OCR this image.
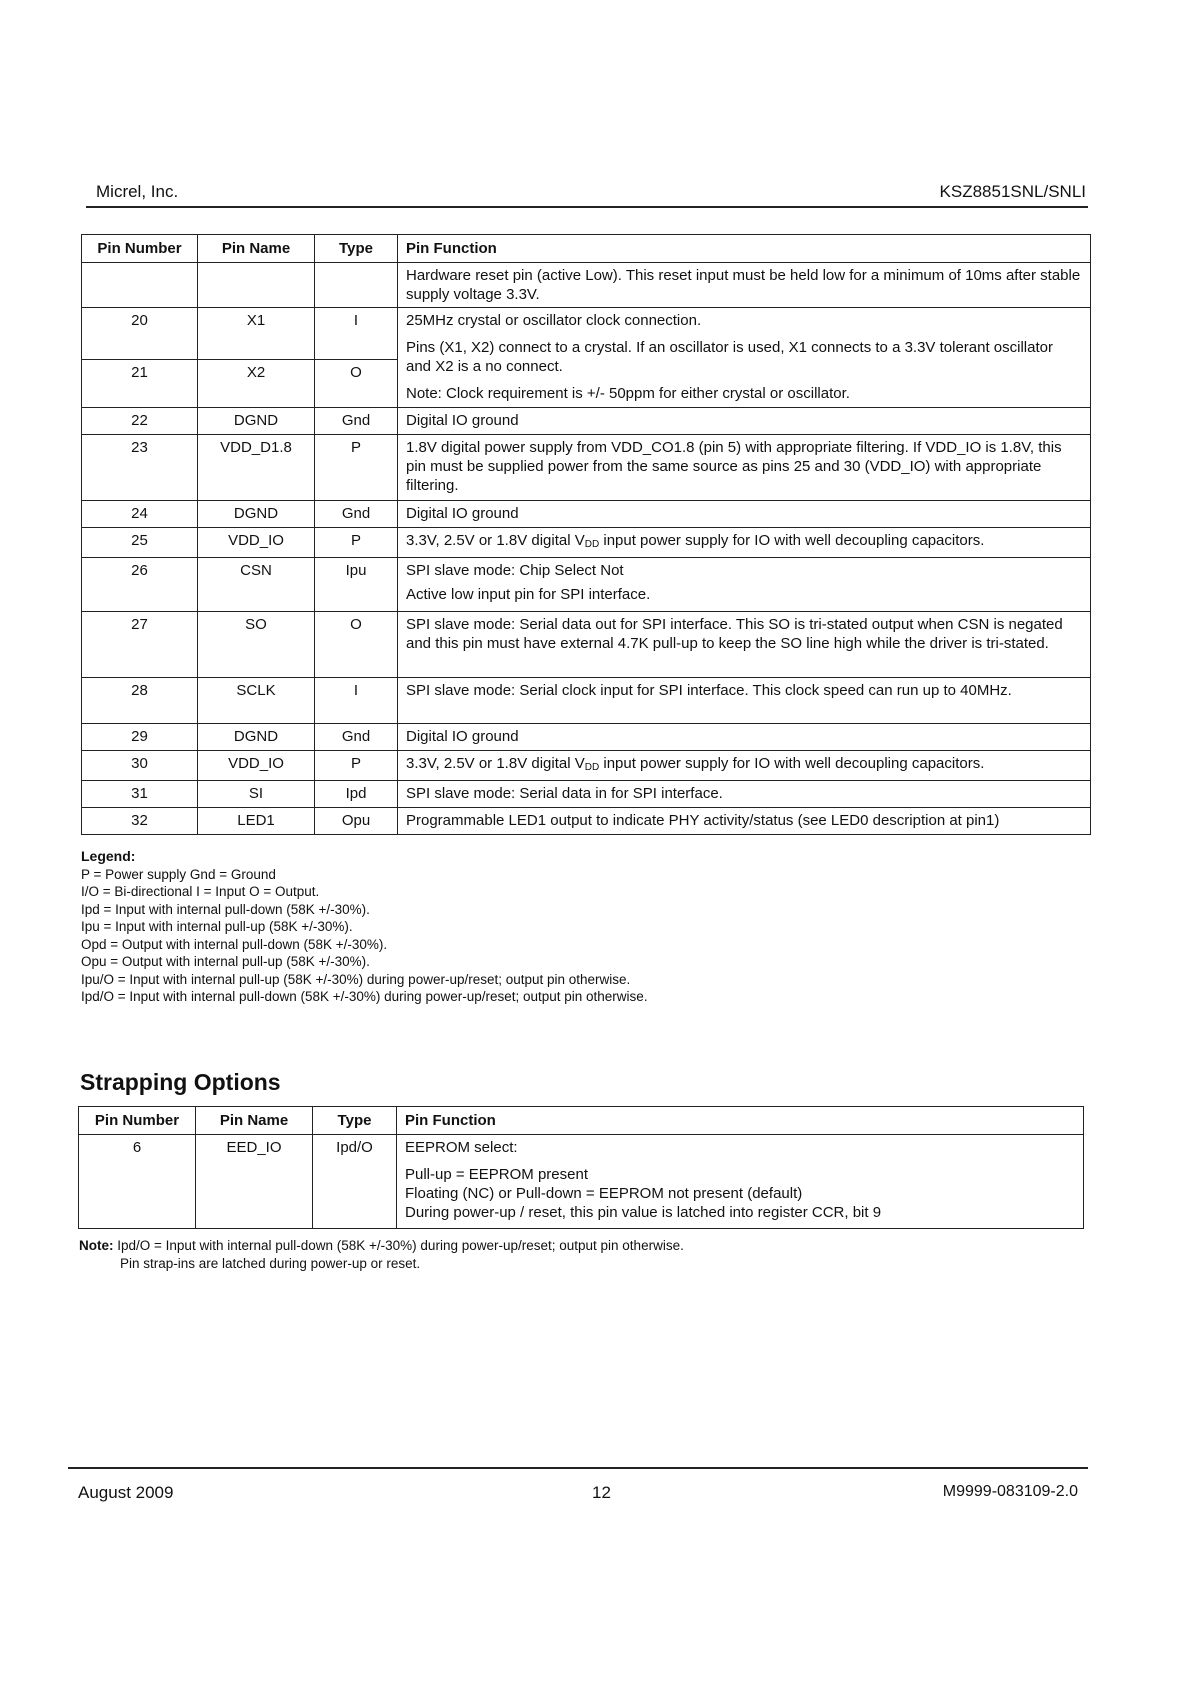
Micrel, Inc.	KSZ8851SNL/SNLI
Pin Number	Pin Name	Type	Pin Function

			Hardware reset pin (active Low). This reset input must be held low for a minimum of 10ms after stable supply voltage 3.3V.

20	X1	I	25MHz crystal or oscillator clock connection.

Pins (X1, X2) connect to a crystal. If an oscillator is used, X1 connects to a 3.3V tolerant oscillator and X2 is a no connect.

Note: Clock requirement is +/- 50ppm for either crystal or oscillator.

21	X2	O	

22	DGND	Gnd	Digital IO ground

23	VDD_D1.8	P	1.8V digital power supply from VDD_CO1.8 (pin 5) with appropriate filtering. If VDD_IO is 1.8V, this pin must be supplied power from the same source as pins 25 and 30 (VDD_IO) with appropriate filtering.

24	DGND	Gnd	Digital IO ground

25	VDD_IO	P	3.3V, 2.5V or 1.8V digital $V_{DD}$ input power supply for IO with well decoupling capacitors.

26	CSN	Ipu	SPI slave mode: Chip Select Not

Active low input pin for SPI interface.

27	SO	O	SPI slave mode: Serial data out for SPI interface. This SO is tri-stated output when CSN is negated and this pin must have external 4.7K pull-up to keep the SO line high while the driver is tri-stated.

28	SCLK	I	SPI slave mode: Serial clock input for SPI interface. This clock speed can run up to 40MHz.

29	DGND	Gnd	Digital IO ground

30	VDD_IO	P	3.3V, 2.5V or 1.8V digital $V_{DD}$ input power supply for IO with well decoupling capacitors.

31	SI	Ipd	SPI slave mode: Serial data in for SPI interface.

32	LED1	Opu	Programmable LED1 output to indicate PHY activity/status (see LED0 description at pin1)

Legend:
P = Power supply Gnd = Ground
I/O = Bi-directional I = Input O = Output.
Ipd = Input with internal pull-down (58K +/-30%).
Ipu = Input with internal pull-up (58K +/-30%).
Opd = Output with internal pull-down (58K +/-30%).
Opu = Output with internal pull-up (58K +/-30%).
Ipu/O = Input with internal pull-up (58K +/-30%) during power-up/reset; output pin otherwise.
Ipd/O = Input with internal pull-down (58K +/-30%) during power-up/reset; output pin otherwise.
Strapping Options
Pin Number	Pin Name	Type	Pin Function

6	EED_IO	Ipd/O	EEPROM select:

Pull-up = EEPROM present

Floating (NC) or Pull-down = EEPROM not present (default)

During power-up / reset, this pin value is latched into register CCR, bit 9

Note: Ipd/O = Input with internal pull-down (58K +/-30%) during power-up/reset; output pin otherwise.
Pin strap-ins are latched during power-up or reset.
August 2009	12	M9999-083109-2.0
